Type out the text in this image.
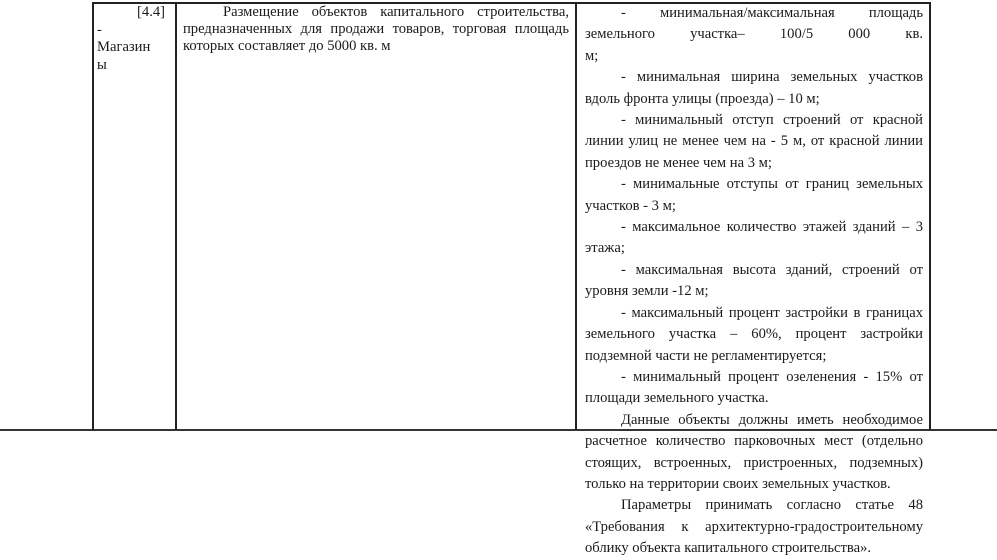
[4.4]
-
Магазин
ы

Размещение объектов капитального строительства, предназначенных для продажи товаров, торговая площадь которых составляет до 5000 кв. м

- минимальная/максимальная площадь земельного участка– 100/5 000 кв. м;

- минимальная ширина земельных участков вдоль фронта улицы (проезда) – 10 м;

- минимальный отступ строений от красной линии улиц не менее чем на - 5 м, от красной линии проездов не менее чем на 3 м;

- минимальные отступы от границ земельных участков - 3 м;

- максимальное количество этажей зданий – 3 этажа;

- максимальная высота зданий, строений от уровня земли -12 м;

- максимальный процент застройки в границах земельного участка – 60%, процент застройки подземной части не регламентируется;

- минимальный процент озеленения - 15% от площади земельного участка.

Данные объекты должны иметь необходимое расчетное количество парковочных мест (отдельно стоящих, встроенных, пристроенных, подземных) только на территории своих земельных участков.

Параметры принимать согласно статье 48 «Требования к архитектурно-градостроительному облику объекта капитального строительства».
